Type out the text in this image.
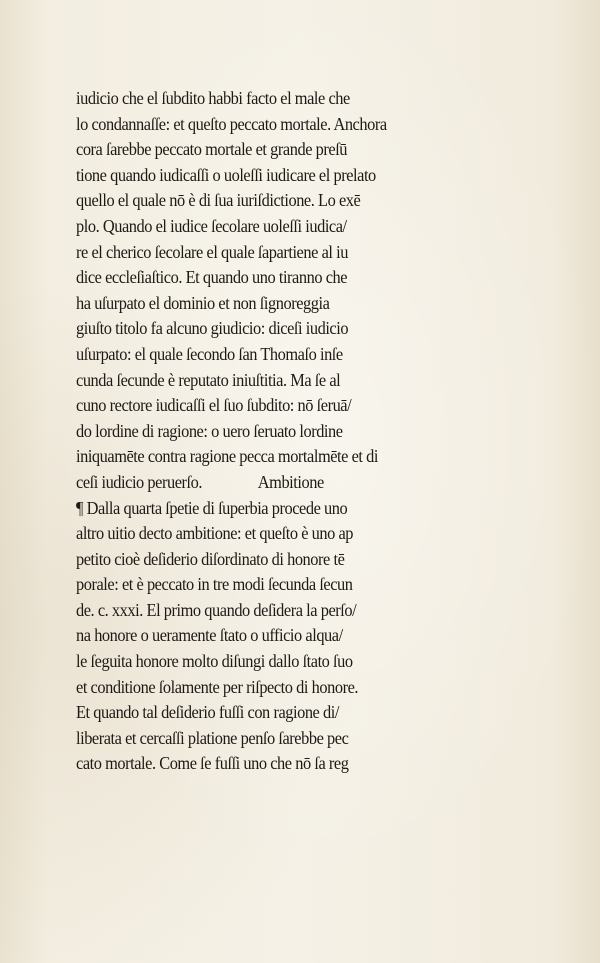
iudicio che el ſubdito habbi facto el male che
lo condannaſſe: et queſto peccato mortale. Anchora
cora ſarebbe peccato mortale et grande preſū
tione quando iudicaſſi o uoleſſi iudicare el prelato
quello el quale nō è di ſua iuriſdictione. Lo exē
plo. Quando el iudice ſecolare uoleſſi iudica/
re el cherico ſecolare el quale ſapartiene al iu
dice eccleſiaſtico. Et quando uno tiranno che
ha uſurpato el dominio et non ſignoreggia
giuſto titolo fa alcuno giudicio: diceſi iudicio
uſurpato: el quale ſecondo ſan Thomaſo inſe
cunda ſecunde è reputato iniuſtitia. Ma ſe al
cuno rectore iudicaſſi el ſuo ſubdito: nō ſeruā/
do lordine di ragione: o uero ſeruato lordine
iniquamēte contra ragione pecca mortalmēte et di
ceſi iudicio peruerſo.	Ambitione
¶ Dalla quarta ſpetie di ſuperbia procede uno
altro uitio decto ambitione: et queſto è uno ap
petito cioè deſiderio diſordinato di honore tē
porale: et è peccato in tre modi ſecunda ſecun
de. c. xxxi. El primo quando deſidera la perſo/
na honore o ueramente ſtato o ufficio alqua/
le ſeguita honore molto diſungi dallo ſtato ſuo
et conditione ſolamente per riſpecto di honore.
Et quando tal deſiderio fuſſi con ragione di/
liberata et cercaſſi platione penſo ſarebbe pec
cato mortale. Come ſe fuſſi uno che nō ſa reg
